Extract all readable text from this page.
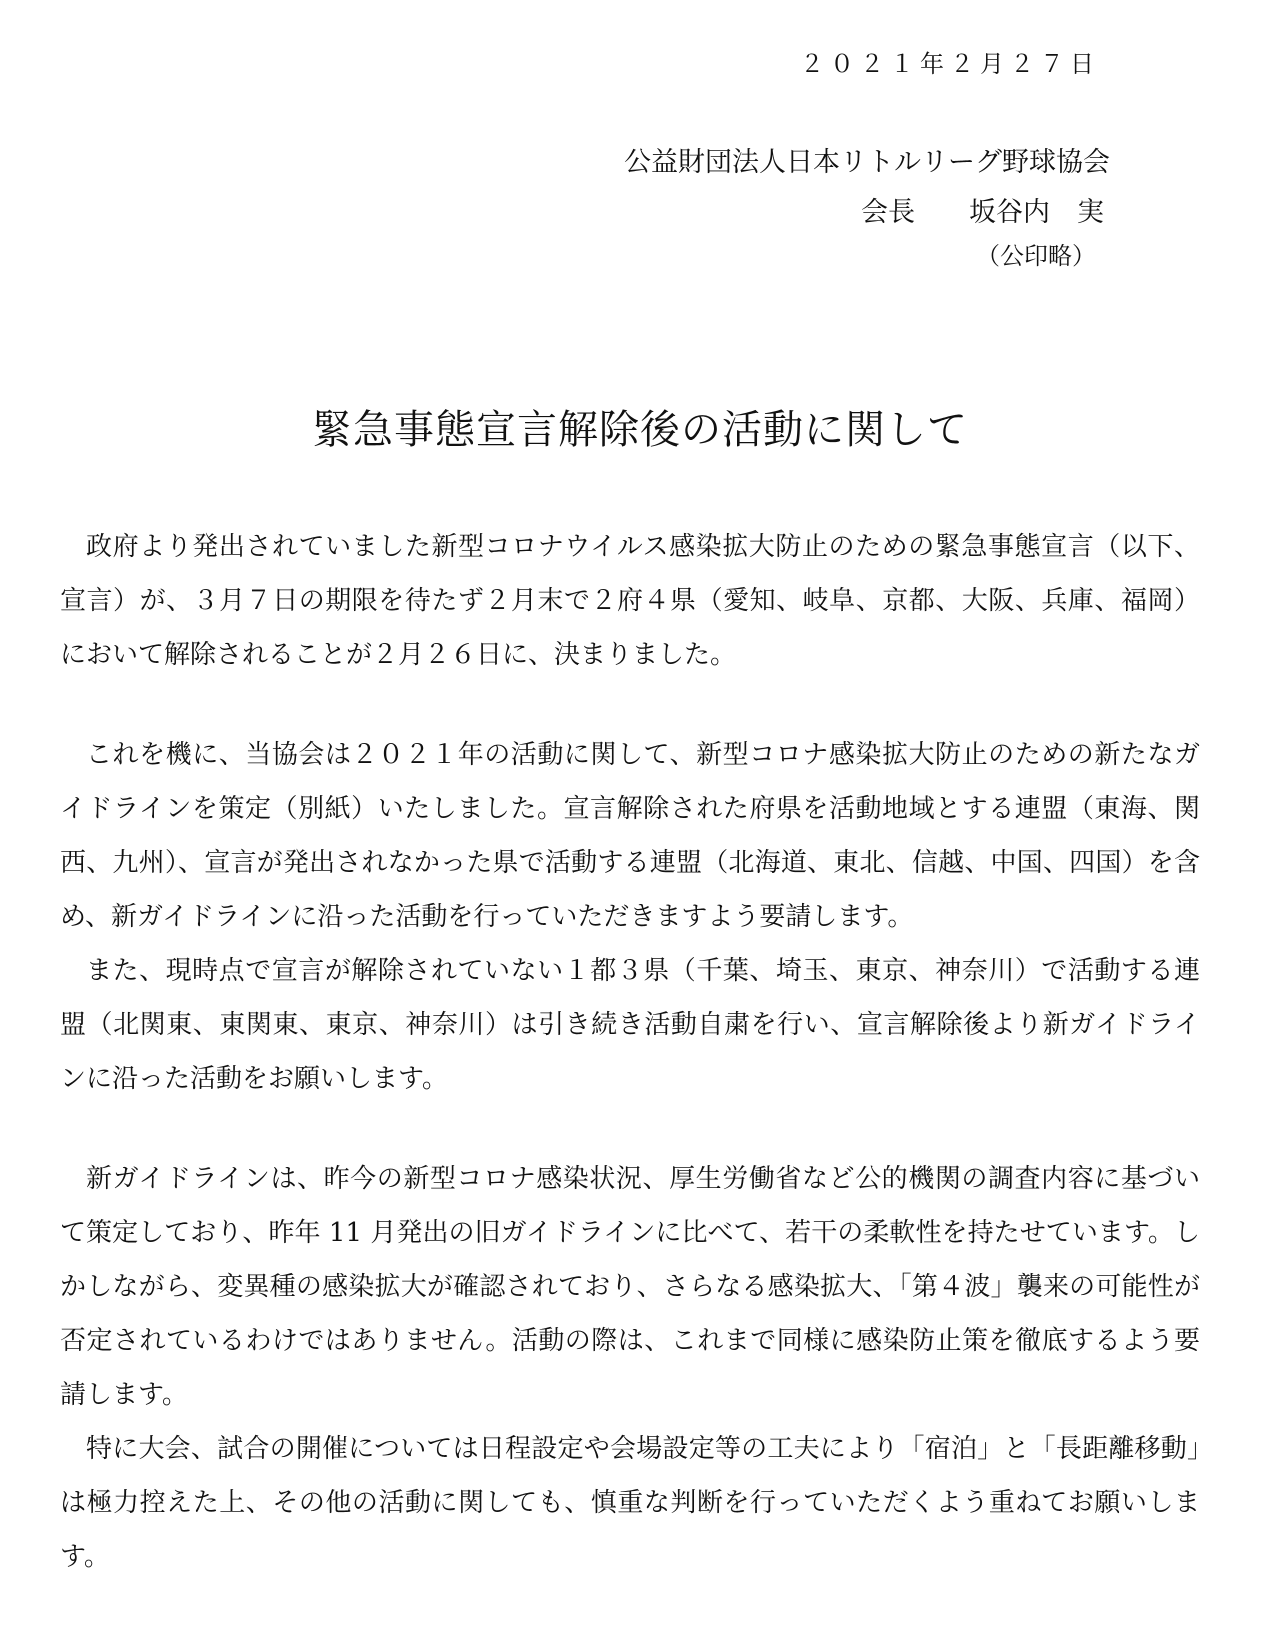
２０２１年２月２７日
公益財団法人日本リトルリーグ野球協会
会長　　坂谷内　実
（公印略）
緊急事態宣言解除後の活動に関して

政府より発出されていました新型コロナウイルス感染拡大防止のための緊急事態宣言（以下、宣言）が、３月７日の期限を待たず２月末で２府４県（愛知、岐阜、京都、大阪、兵庫、福岡）において解除されることが２月２６日に、決まりました。

これを機に、当協会は２０２１年の活動に関して、新型コロナ感染拡大防止のための新たなガイドラインを策定（別紙）いたしました。宣言解除された府県を活動地域とする連盟（東海、関西、九州）、宣言が発出されなかった県で活動する連盟（北海道、東北、信越、中国、四国）を含め、新ガイドラインに沿った活動を行っていただきますよう要請します。

また、現時点で宣言が解除されていない１都３県（千葉、埼玉、東京、神奈川）で活動する連盟（北関東、東関東、東京、神奈川）は引き続き活動自粛を行い、宣言解除後より新ガイドラインに沿った活動をお願いします。

新ガイドラインは、昨今の新型コロナ感染状況、厚生労働省など公的機関の調査内容に基づいて策定しており、昨年 11 月発出の旧ガイドラインに比べて、若干の柔軟性を持たせています。しかしながら、変異種の感染拡大が確認されており、さらなる感染拡大、「第４波」襲来の可能性が否定されているわけではありません。活動の際は、これまで同様に感染防止策を徹底するよう要請します。

特に大会、試合の開催については日程設定や会場設定等の工夫により「宿泊」と「長距離移動」は極力控えた上、その他の活動に関しても、慎重な判断を行っていただくよう重ねてお願いします。
